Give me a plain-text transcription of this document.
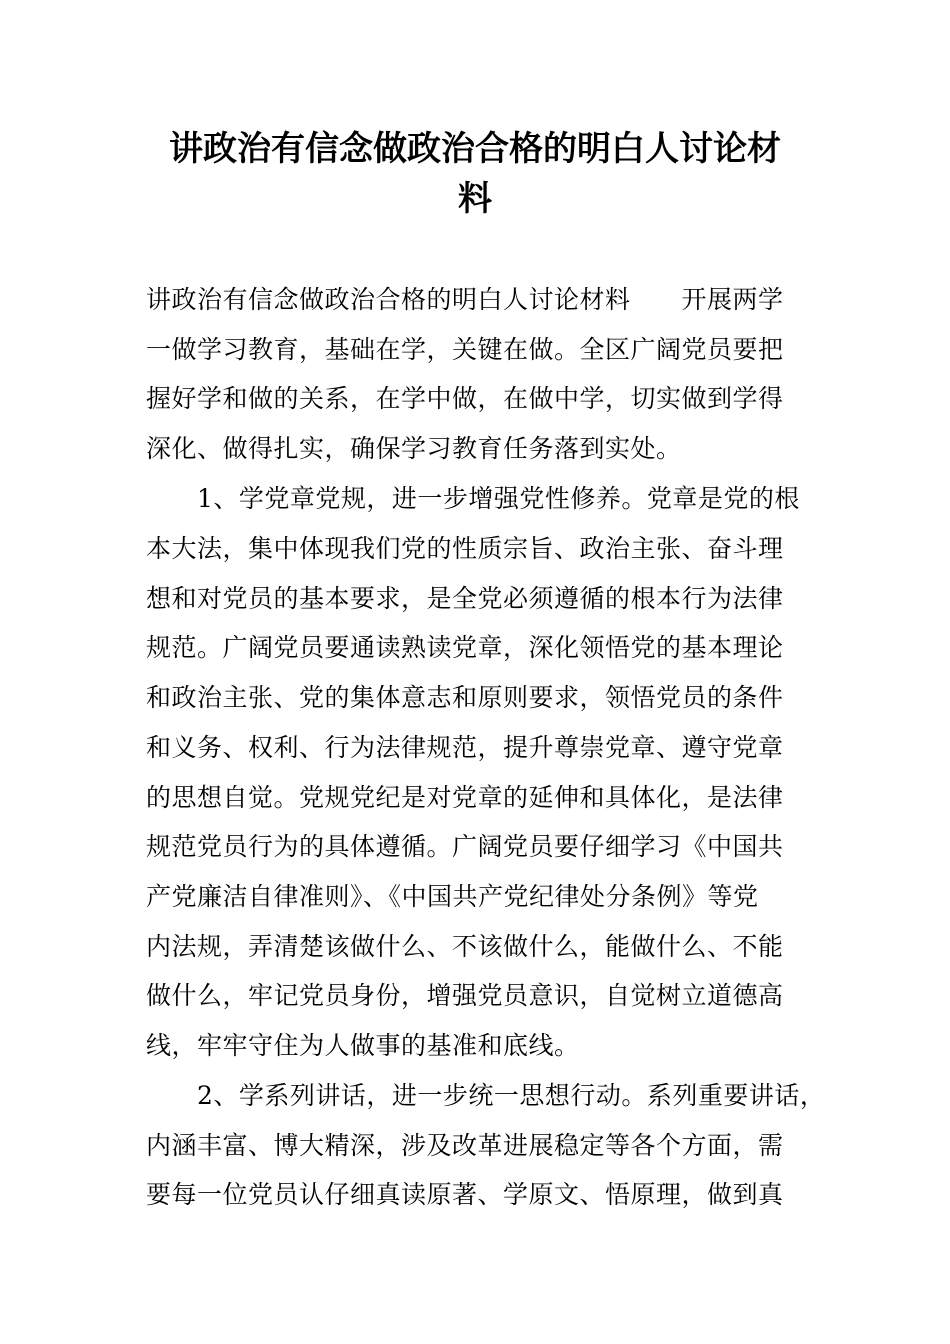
讲政治有信念做政治合格的明白人讨论材
料
讲政治有信念做政治合格的明白人讨论材料　　开展两学
一做学习教育，基础在学，关键在做。全区广阔党员要把
握好学和做的关系，在学中做，在做中学，切实做到学得
深化、做得扎实，确保学习教育任务落到实处。
　　1、学党章党规，进一步增强党性修养。党章是党的根
本大法，集中体现我们党的性质宗旨、政治主张、奋斗理
想和对党员的基本要求，是全党必须遵循的根本行为法律
规范。广阔党员要通读熟读党章，深化领悟党的基本理论
和政治主张、党的集体意志和原则要求，领悟党员的条件
和义务、权利、行为法律规范，提升尊崇党章、遵守党章
的思想自觉。党规党纪是对党章的延伸和具体化，是法律
规范党员行为的具体遵循。广阔党员要仔细学习《中国共
产党廉洁自律准则》、《中国共产党纪律处分条例》等党
内法规，弄清楚该做什么、不该做什么，能做什么、不能
做什么，牢记党员身份，增强党员意识，自觉树立道德高
线，牢牢守住为人做事的基准和底线。
　　2、学系列讲话，进一步统一思想行动。系列重要讲话，
内涵丰富、博大精深，涉及改革进展稳定等各个方面，需
要每一位党员认仔细真读原著、学原文、悟原理，做到真
